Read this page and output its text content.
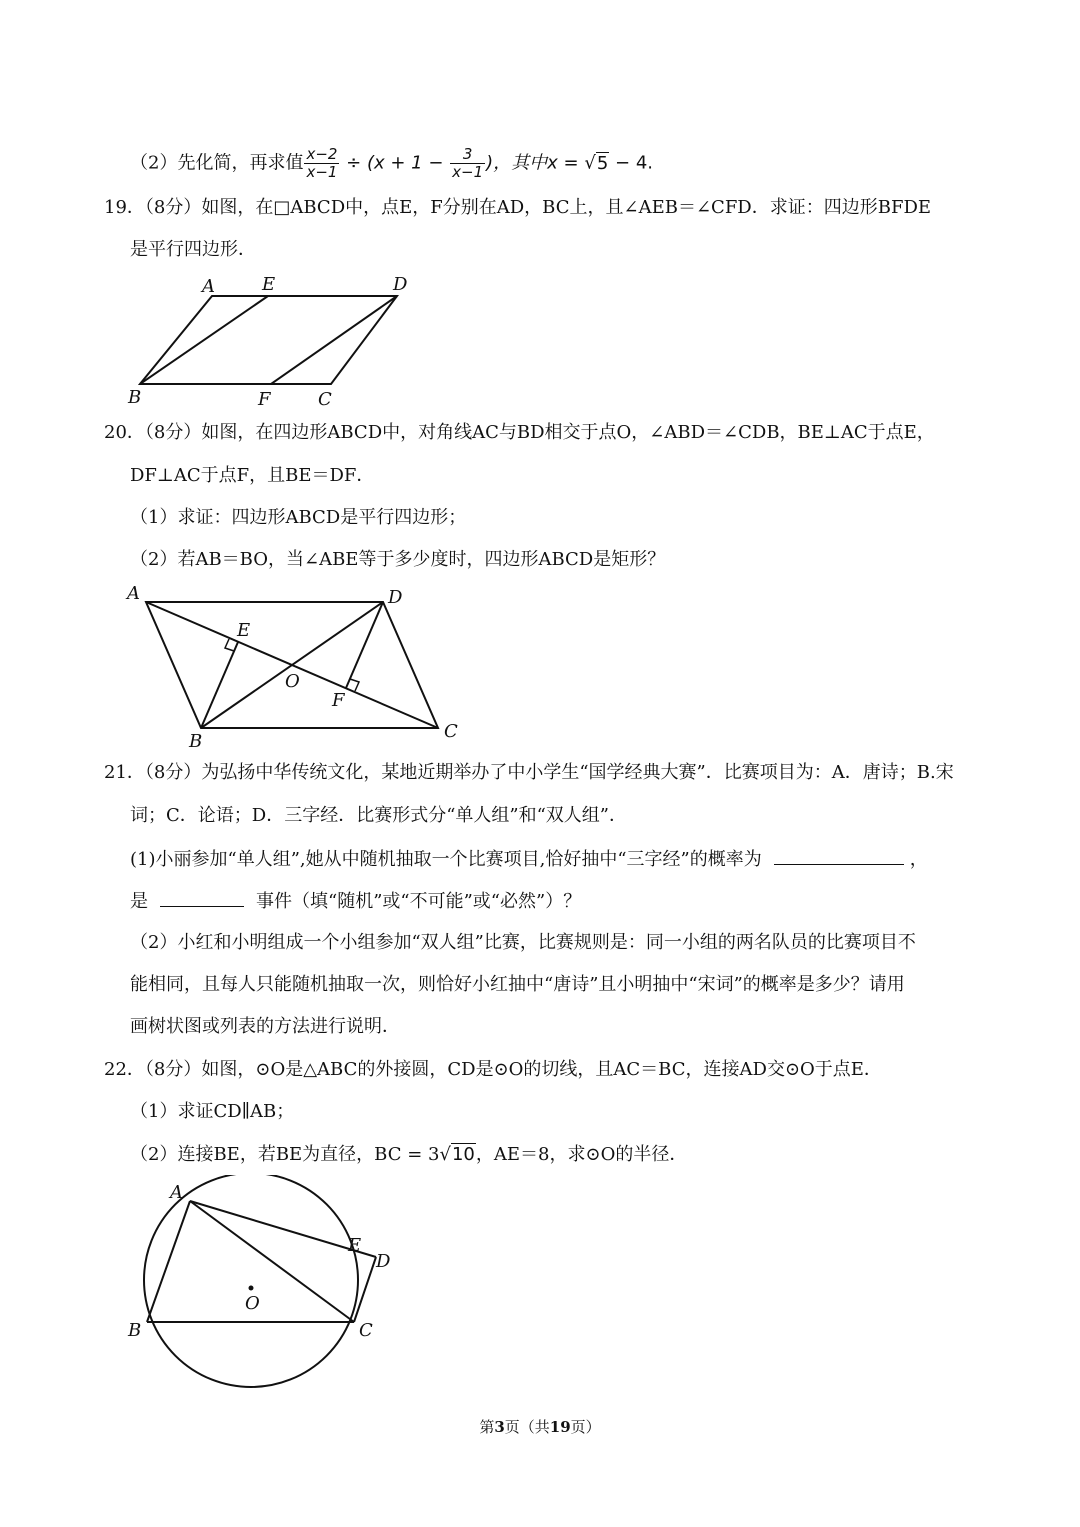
（2）先化简，再求值 $\frac{x-2}{x-1} \div (x + 1 - \frac{3}{x-1}$ )，其中x = √5 − 4.
19．（8分）如图，在□ABCD中，点E，F分别在AD，BC上，且∠AEB＝∠CFD．求证：四边形BFDE
是平行四边形．
A	E	D
B	F	C
20．（8分）如图，在四边形ABCD中，对角线AC与BD相交于点O，∠ABD＝∠CDB，BE⊥AC于点E，
DF⊥AC于点F，且BE＝DF．
（1）求证：四边形ABCD是平行四边形；
（2）若AB＝BO，当∠ABE等于多少度时，四边形ABCD是矩形？
A	D
E
O
F
B	C
21．（8分）为弘扬中华传统文化，某地近期举办了中小学生“国学经典大赛”．比赛项目为：A．唐诗；B.宋
词；C．论语；D．三字经．比赛形式分“单人组”和“双人组”．
(1)小丽参加“单人组”,她从中随机抽取一个比赛项目,恰好抽中“三字经”的概率为	，
是	事件（填“随机”或“不可能”或“必然”）？
（2）小红和小明组成一个小组参加“双人组”比赛，比赛规则是：同一小组的两名队员的比赛项目不
能相同，且每人只能随机抽取一次，则恰好小红抽中“唐诗”且小明抽中“宋词”的概率是多少？请用
画树状图或列表的方法进行说明．
22．（8分）如图，⊙O是△ABC的外接圆，CD是⊙O的切线，且AC＝BC，连接AD交⊙O于点E．
（1）求证CD∥AB；
（2）连接BE，若BE为直径，BC = 3√10，AE＝8，求⊙O的半径．
A
E
D
O
B	C
第3页（共19页）
